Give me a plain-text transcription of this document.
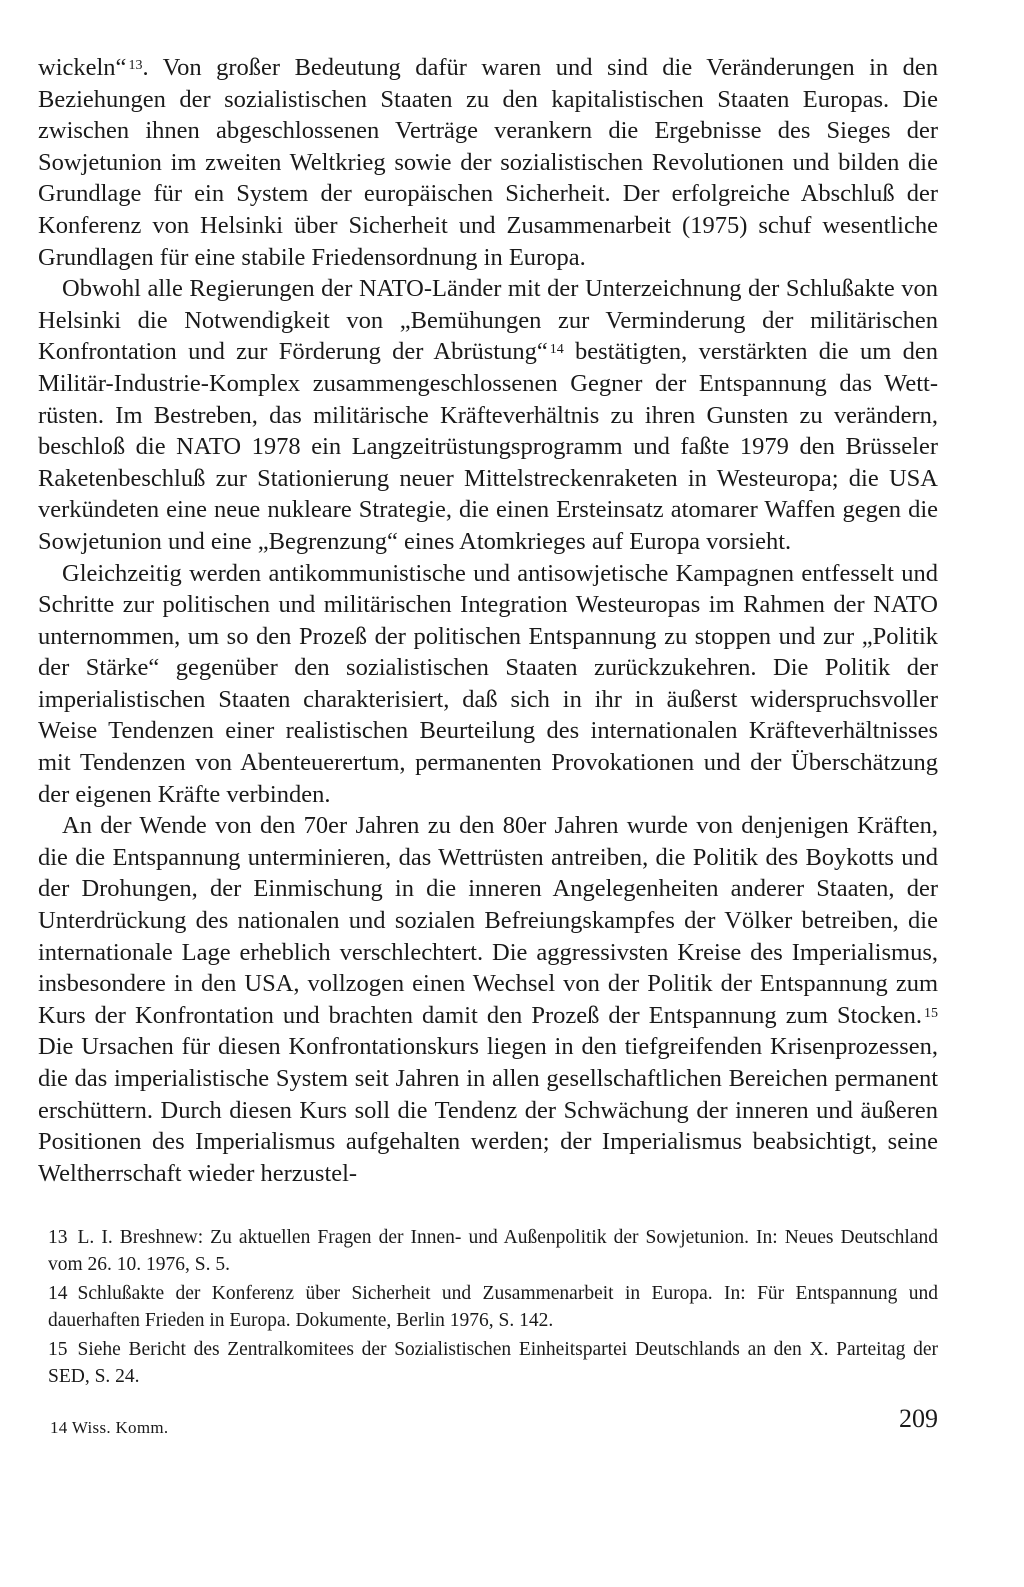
wickeln“ $^{13}$. Von großer Bedeutung dafür waren und sind die Veränderungen in den Beziehungen der sozialistischen Staaten zu den kapitalistischen Staaten Europas. Die zwischen ihnen abgeschlossenen Verträge verankern die Ergebnisse des Sieges der Sowjetunion im zweiten Weltkrieg sowie der sozialistischen Revolutionen und bilden die Grundlage für ein System der europäischen Sicherheit. Der erfolgreiche Abschluß der Konferenz von Helsinki über Sicherheit und Zusammenarbeit (1975) schuf wesentliche Grundlagen für eine stabile Friedensordnung in Europa.

Obwohl alle Regierungen der NATO-Länder mit der Unterzeichnung der Schlußakte von Helsinki die Notwendigkeit von „Bemühungen zur Verminderung der militärischen Konfrontation und zur Förderung der Abrüstung“ $^{14}$ bestätigten, verstärkten die um den Militär-Industrie-Komplex zusammengeschlossenen Gegner der Entspannung das Wettrüsten. Im Bestreben, das militärische Kräfteverhältnis zu ihren Gunsten zu verändern, beschloß die NATO 1978 ein Langzeitrüstungsprogramm und faßte 1979 den Brüsseler Raketenbeschluß zur Stationierung neuer Mittelstreckenraketen in Westeuropa; die USA verkündeten eine neue nukleare Strategie, die einen Ersteinsatz atomarer Waffen gegen die Sowjetunion und eine „Begrenzung“ eines Atomkrieges auf Europa vorsieht.

Gleichzeitig werden antikommunistische und antisowjetische Kampagnen entfesselt und Schritte zur politischen und militärischen Integration Westeuropas im Rahmen der NATO unternommen, um so den Prozeß der politischen Entspannung zu stoppen und zur „Politik der Stärke“ gegenüber den sozialistischen Staaten zurückzukehren. Die Politik der imperialistischen Staaten charakterisiert, daß sich in ihr in äußerst widerspruchsvoller Weise Tendenzen einer realistischen Beurteilung des internationalen Kräfteverhältnisses mit Tendenzen von Abenteuerertum, permanenten Provokationen und der Überschätzung der eigenen Kräfte verbinden.

An der Wende von den 70er Jahren zu den 80er Jahren wurde von denjenigen Kräften, die die Entspannung unterminieren, das Wettrüsten antreiben, die Politik des Boykotts und der Drohungen, der Einmischung in die inneren Angelegenheiten anderer Staaten, der Unterdrückung des nationalen und sozialen Befreiungskampfes der Völker betreiben, die internationale Lage erheblich verschlechtert. Die aggressivsten Kreise des Imperialismus, insbesondere in den USA, vollzogen einen Wechsel von der Politik der Entspannung zum Kurs der Konfrontation und brachten damit den Prozeß der Entspannung zum Stocken. $^{15}$ Die Ursachen für diesen Konfrontationskurs liegen in den tiefgreifenden Krisenprozessen, die das imperialistische System seit Jahren in allen gesellschaftlichen Bereichen permanent erschüttern. Durch diesen Kurs soll die Tendenz der Schwächung der inneren und äußeren Positionen des Imperialismus aufgehalten werden; der Imperialismus beabsichtigt, seine Weltherrschaft wieder herzustel-

13 L. I. Breshnew: Zu aktuellen Fragen der Innen- und Außenpolitik der Sowjetunion. In: Neues Deutschland vom 26. 10. 1976, S. 5.

14 Schlußakte der Konferenz über Sicherheit und Zusammenarbeit in Europa. In: Für Entspannung und dauerhaften Frieden in Europa. Dokumente, Berlin 1976, S. 142.

15 Siehe Bericht des Zentralkomitees der Sozialistischen Einheitspartei Deutschlands an den X. Parteitag der SED, S. 24.

14 Wiss. Komm.	209
